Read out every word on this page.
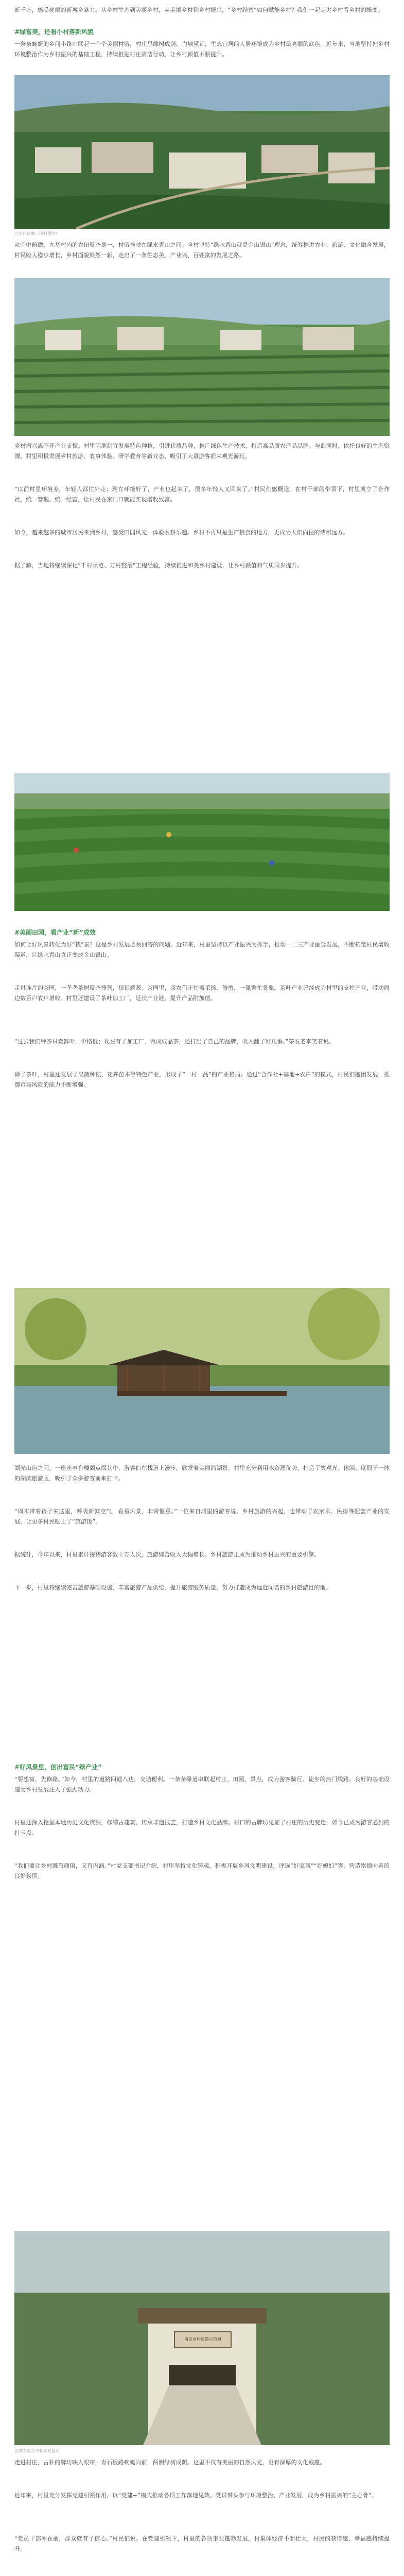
新千万，感受亮丽的新城乡魅力。从乡村生态到美丽乡村，从美丽乡村到乡村振兴，“乡村经营”如何赋能乡村？我们一起走进乡村看乡村的蝶变。

#绿富美，还看小村落新风貌

一条条蜿蜒的乡间小路串联起一个个美丽村落，村庄里绿树成荫、白墙黛瓦，生态宜居的人居环境成为乡村最亮丽的底色。近年来，当地坚持把乡村环境整治作为乡村振兴的基础工程，持续推进村庄清洁行动，让乡村颜值不断提升。

九华村俯瞰（资料图片）

从空中俯瞰，九华村内的农田整齐划一，村落掩映在绿水青山之间。全村坚持“绿水青山就是金山银山”理念，统筹推进农业、旅游、文化融合发展，村民收入稳步增长，乡村面貌焕然一新，走出了一条生态美、产业兴、百姓富的发展之路。

乡村振兴离不开产业支撑。村里因地制宜发展特色种植，引进优质品种，推广绿色生产技术，打造高品质农产品品牌。与此同时，依托良好的生态资源，村里积极发展乡村旅游、农事体验、研学教育等新业态，吸引了大量游客前来观光游玩。

“以前村里环境差，年轻人都往外走；现在环境好了，产业也起来了，很多年轻人又回来了。”村民们感慨道。在村干部的带领下，村里成立了合作社，统一管理、统一经营，让村民在家门口就能实现增收致富。

如今，越来越多的城市居民来到乡村，感受田园风光，体验农耕乐趣。乡村不再只是生产粮食的地方，更成为人们向往的诗和远方。

据了解，当地将继续深化“千村示范、万村整治”工程经验，持续推进和美乡村建设，让乡村颜值和气质同步提升。

#美丽田园，看产业“新”成效

如何让好风景转化为好“钱”景？这是乡村发展必须回答的问题。近年来，村里坚持以产业振兴为抓手，推动一二三产业融合发展，不断拓宽村民增收渠道，让绿水青山真正变成金山银山。

走进连片的茶园，一垄垄茶树整齐排列，郁郁葱葱。茶园里，茶农们正忙着采摘、修剪，一派繁忙景象。茶叶产业已经成为村里的支柱产业，带动周边数百户农户增收。村里还建设了茶叶加工厂，延长产业链，提升产品附加值。

“过去我们种茶只卖鲜叶，价格低；现在有了加工厂，做成成品茶，还打出了自己的品牌，收入翻了好几番。”茶农老李笑着说。

除了茶叶，村里还发展了果蔬种植、花卉苗木等特色产业，形成了“一村一品”的产业格局。通过“合作社+基地+农户”的模式，村民们抱团发展，抵御市场风险的能力不断增强。

湖光山色之间，一座座亭台楼阁点缀其中，游客们在栈道上漫步，欣赏着美丽的湖景。村里充分利用水资源优势，打造了集观光、休闲、度假于一体的湖滨旅游区，吸引了众多游客前来打卡。

“周末带着孩子来这里，呼吸新鲜空气，看看风景，非常惬意。”一位来自城里的游客说。乡村旅游的兴起，也带动了农家乐、民宿等配套产业的发展，让更多村民吃上了“旅游饭”。

据统计，今年以来，村里累计接待游客数十万人次，旅游综合收入大幅增长。乡村旅游正成为推动乡村振兴的重要引擎。

下一步，村里将继续完善旅游基础设施，丰富旅游产品供给，提升旅游服务质量，努力打造成为远近闻名的乡村旅游目的地。

#好风景里，创出富民“绿产业”

“要想富，先修路。”如今，村里的道路四通八达，交通便利。一条条绿道串联起村庄、田园、景点，成为游客骑行、徒步的热门线路。良好的基础设施为乡村发展注入了强劲动力。

村里还深入挖掘本地历史文化资源，修缮古建筑、传承非遗技艺，打造乡村文化品牌。村口的古牌坊见证了村庄的历史变迁，如今已成为游客必到的打卡点。

“我们要让乡村既有颜值，又有内涵。”村党支部书记介绍，村里坚持文化铸魂，积极开展乡风文明建设，评选“好家风”“好媳妇”等，营造崇德向善的良好氛围。

南京乡村旅游示范村
江苏省南京市某乡村景点

走进村庄，古朴的牌坊映入眼帘，青石板路蜿蜒向前，两侧绿树成荫。这里不仅有美丽的自然风光，更有深厚的文化底蕴。

近年来，村里充分发挥党建引领作用，以“党建+”模式推动各项工作落地见效。党员带头参与环境整治、产业发展，成为乡村振兴的“主心骨”。

“党员干部冲在前，群众就有了信心。”村民们说。在党建引领下，村里的各项事业蓬勃发展，村集体经济不断壮大，村民的获得感、幸福感持续提升。
